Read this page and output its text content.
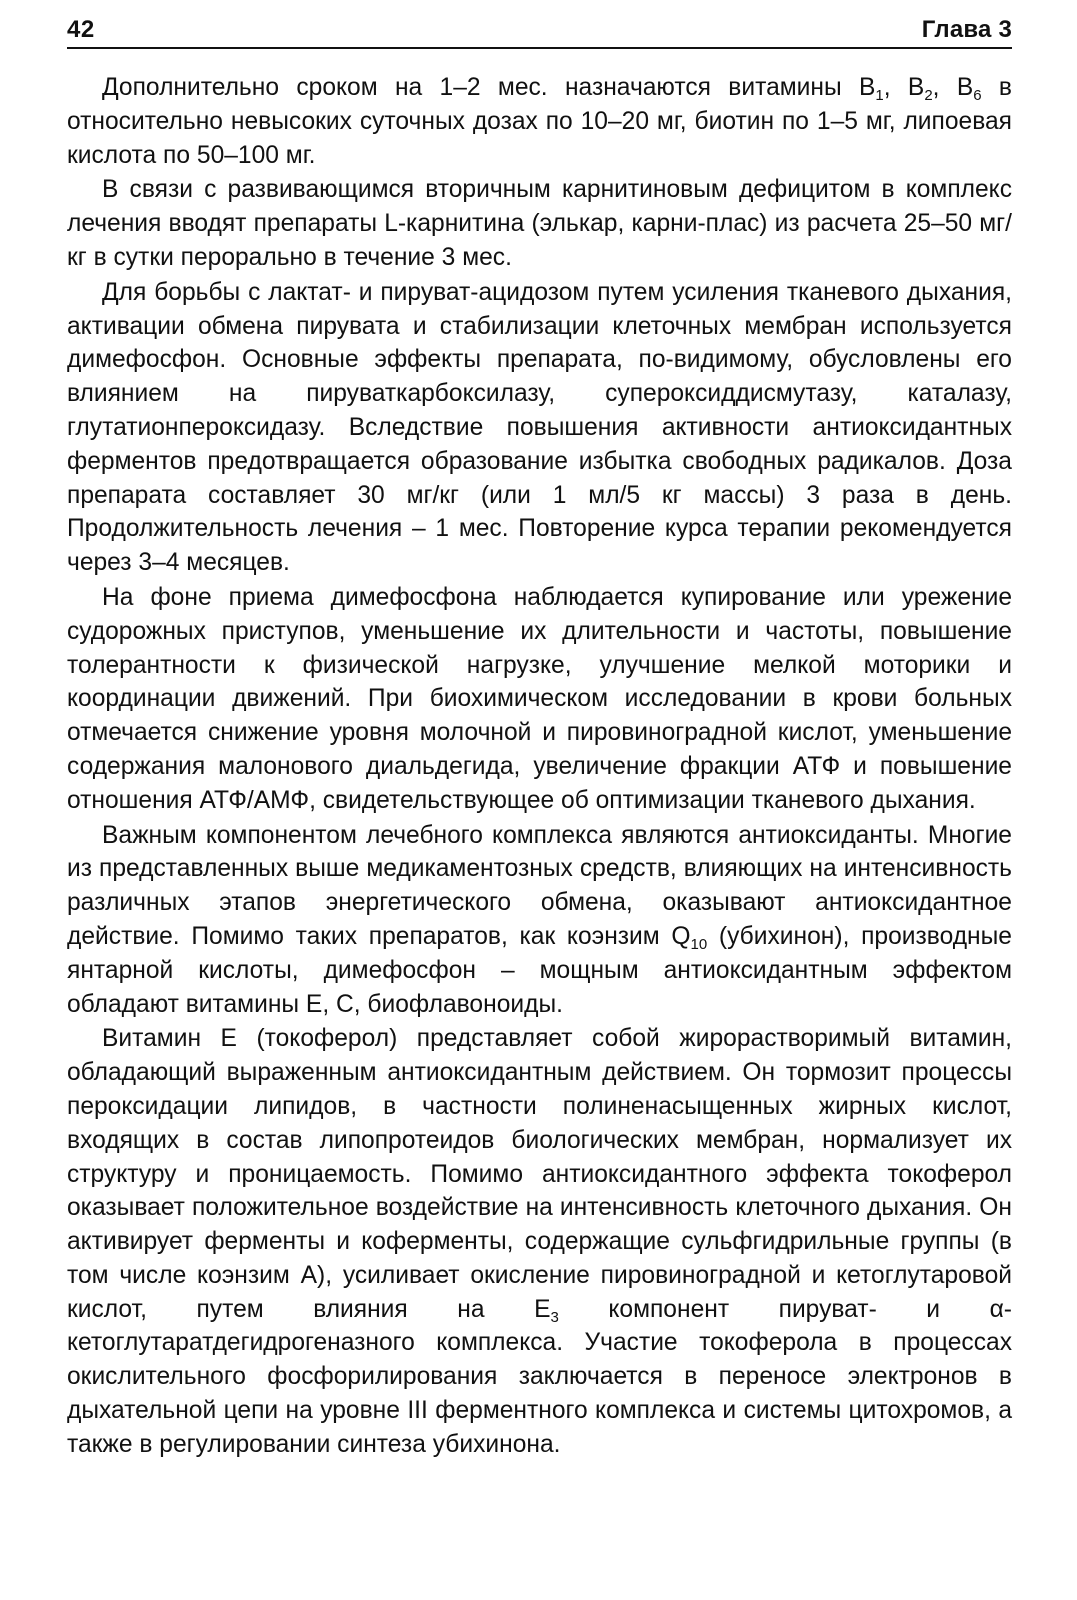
42	Глава 3

Дополнительно сроком на 1–2 мес. назначаются витамины $B_1$, $B_2$, $B_6$ в относительно невысоких суточных дозах по 10–20 мг, биотин по 1–5 мг, липоевая кислота по 50–100 мг.

В связи с развивающимся вторичным карнитиновым дефицитом в комплекс лечения вводят препараты L-карнитина (элькар, карни-плас) из расчета 25–50 мг/кг в сутки перорально в течение 3 мес.

Для борьбы с лактат- и пируват-ацидозом путем усиления тканевого дыхания, активации обмена пирувата и стабилизации клеточных мембран используется димефосфон. Основные эффекты препарата, по-видимому, обусловлены его влиянием на пируваткарбоксилазу, супероксиддисмутазу, каталазу, глутатионпероксидазу. Вследствие повышения активности антиоксидантных ферментов предотвращается образование избытка свободных радикалов. Доза препарата составляет 30 мг/кг (или 1 мл/5 кг массы) 3 раза в день. Продолжительность лечения – 1 мес. Повторение курса терапии рекомендуется через 3–4 месяцев.

На фоне приема димефосфона наблюдается купирование или урежение судорожных приступов, уменьшение их длительности и частоты, повышение толерантности к физической нагрузке, улучшение мелкой моторики и координации движений. При биохимическом исследовании в крови больных отмечается снижение уровня молочной и пировиноградной кислот, уменьшение содержания малонового диальдегида, увеличение фракции АТФ и повышение отношения АТФ/АМФ, свидетельствующее об оптимизации тканевого дыхания.

Важным компонентом лечебного комплекса являются антиоксиданты. Многие из представленных выше медикаментозных средств, влияющих на интенсивность различных этапов энергетического обмена, оказывают антиоксидантное действие. Помимо таких препаратов, как коэнзим $Q_{10}$ (убихинон), производные янтарной кислоты, димефосфон – мощным антиоксидантным эффектом обладают витамины E, C, биофлавоноиды.

Витамин E (токоферол) представляет собой жирорастворимый витамин, обладающий выраженным антиоксидантным действием. Он тормозит процессы пероксидации липидов, в частности полиненасыщенных жирных кислот, входящих в состав липопротеидов биологических мембран, нормализует их структуру и проницаемость. Помимо антиоксидантного эффекта токоферол оказывает положительное воздействие на интенсивность клеточного дыхания. Он активирует ферменты и коферменты, содержащие сульфгидрильные группы (в том числе коэнзим A), усиливает окисление пировиноградной и кетоглутаровой кислот, путем влияния на $E_3$ компонент пируват- и α-кетоглутаратдегидрогеназного комплекса. Участие токоферола в процессах окислительного фосфорилирования заключается в переносе электронов в дыхательной цепи на уровне III ферментного комплекса и системы цитохромов, а также в регулировании синтеза убихинона.
